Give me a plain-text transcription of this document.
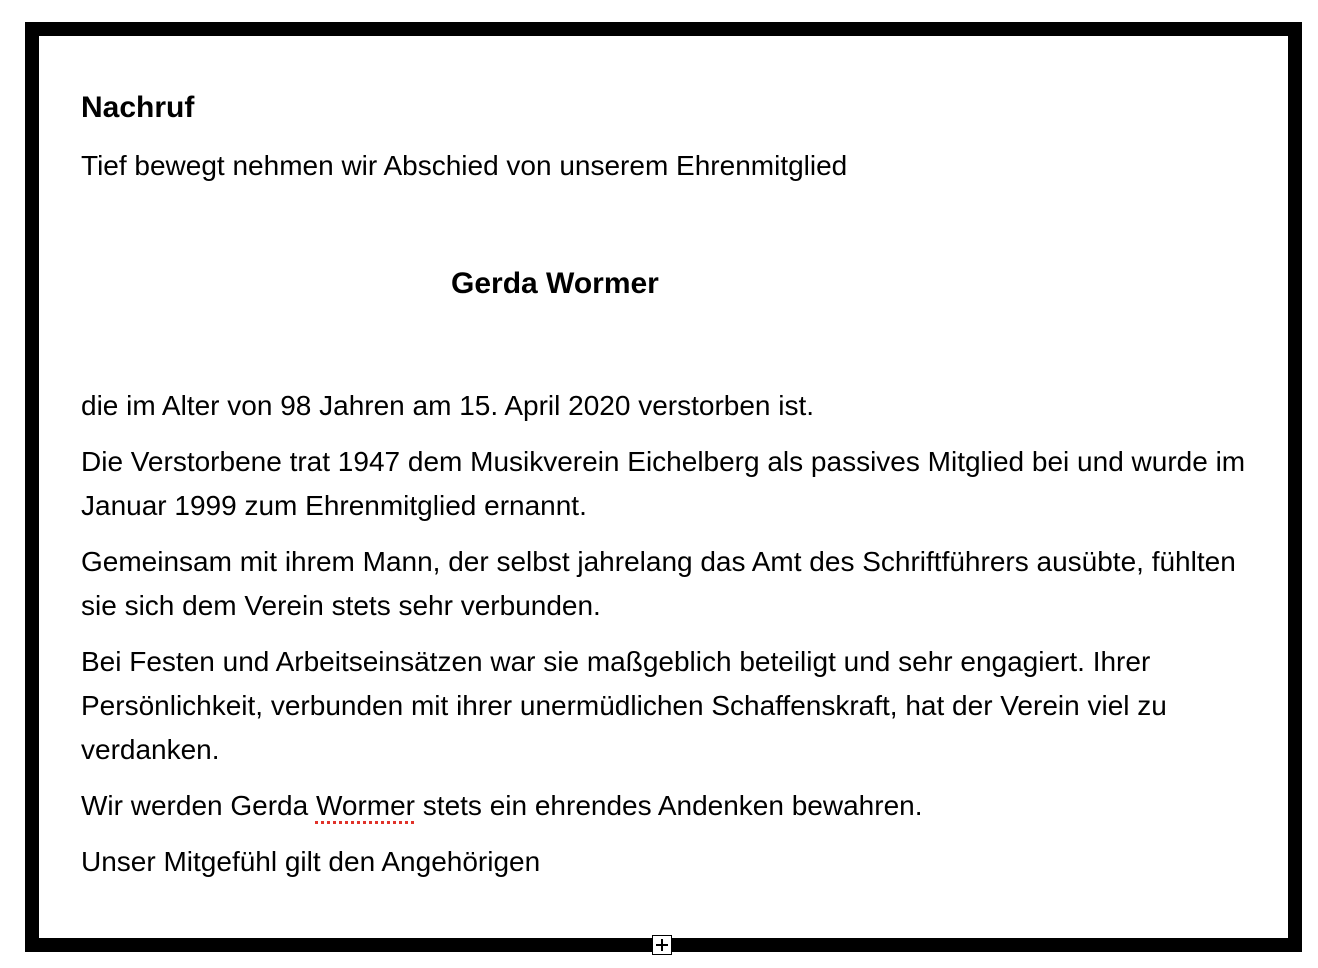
Nachruf

Tief bewegt nehmen wir Abschied von unserem Ehrenmitglied

Gerda Wormer

die im Alter von 98 Jahren am 15. April 2020 verstorben ist.

Die Verstorbene trat 1947 dem Musikverein Eichelberg als passives Mitglied bei und wurde im Januar 1999 zum Ehrenmitglied ernannt.

Gemeinsam mit ihrem Mann, der selbst jahrelang das Amt des Schriftführers ausübte, fühlten sie sich dem Verein stets sehr verbunden.

Bei Festen und Arbeitseinsätzen war sie maßgeblich beteiligt und sehr engagiert. Ihrer Persönlichkeit, verbunden mit ihrer unermüdlichen Schaffenskraft, hat der Verein viel zu verdanken.

Wir werden Gerda Wormer stets ein ehrendes Andenken bewahren.

Unser Mitgefühl gilt den Angehörigen
